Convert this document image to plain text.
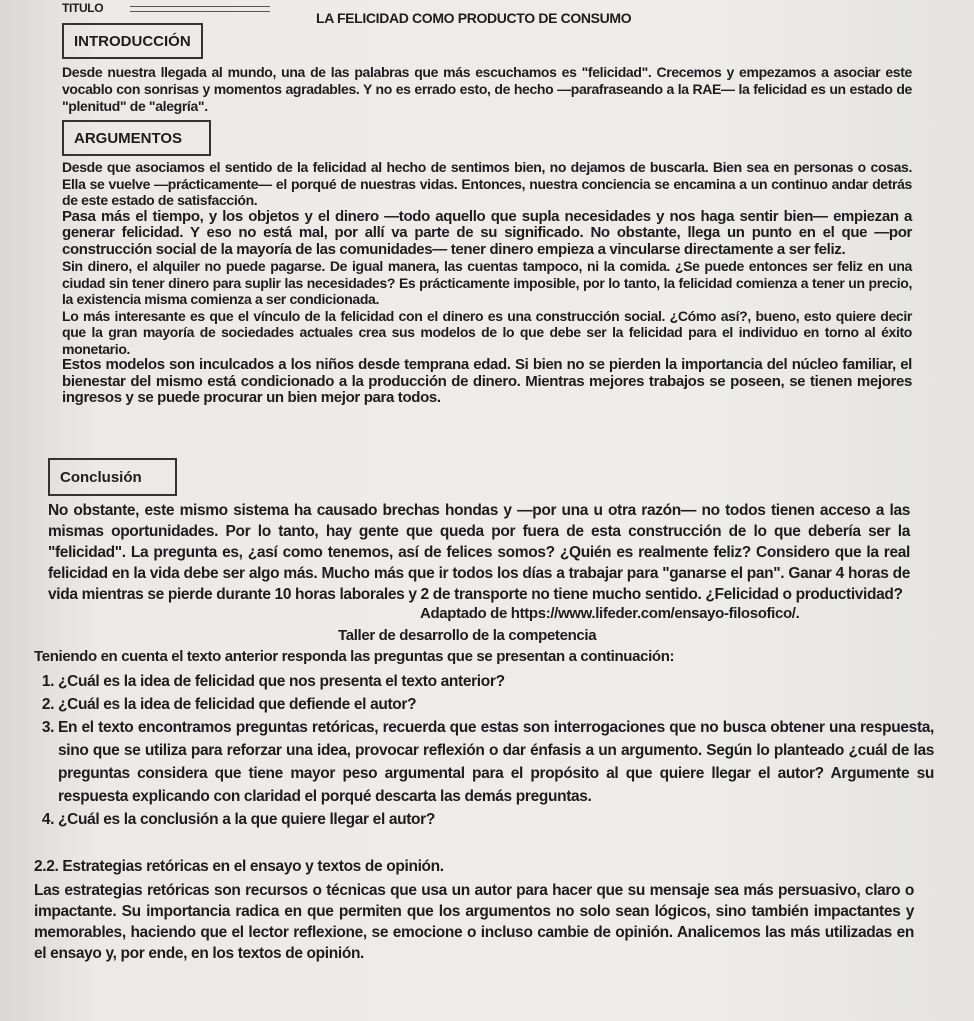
TITULO
LA FELICIDAD COMO PRODUCTO DE CONSUMO
INTRODUCCIÓN
Desde nuestra llegada al mundo, una de las palabras que más escuchamos es "felicidad". Crecemos y empezamos a asociar este vocablo con sonrisas y momentos agradables. Y no es errado esto, de hecho —parafraseando a la RAE— la felicidad es un estado de "plenitud" de "alegría".
ARGUMENTOS

Desde que asociamos el sentido de la felicidad al hecho de sentimos bien, no dejamos de buscarla. Bien sea en personas o cosas. Ella se vuelve —prácticamente— el porqué de nuestras vidas. Entonces, nuestra conciencia se encamina a un continuo andar detrás de este estado de satisfacción.

Pasa más el tiempo, y los objetos y el dinero —todo aquello que supla necesidades y nos haga sentir bien— empiezan a generar felicidad. Y eso no está mal, por allí va parte de su significado. No obstante, llega un punto en el que —por construcción social de la mayoría de las comunidades— tener dinero empieza a vincularse directamente a ser feliz.

Sin dinero, el alquiler no puede pagarse. De igual manera, las cuentas tampoco, ni la comida. ¿Se puede entonces ser feliz en una ciudad sin tener dinero para suplir las necesidades? Es prácticamente imposible, por lo tanto, la felicidad comienza a tener un precio, la existencia misma comienza a ser condicionada.

Lo más interesante es que el vínculo de la felicidad con el dinero es una construcción social. ¿Cómo así?, bueno, esto quiere decir que la gran mayoría de sociedades actuales crea sus modelos de lo que debe ser la felicidad para el individuo en torno al éxito monetario.

Estos modelos son inculcados a los niños desde temprana edad. Si bien no se pierden la importancia del núcleo familiar, el bienestar del mismo está condicionado a la producción de dinero. Mientras mejores trabajos se poseen, se tienen mejores ingresos y se puede procurar un bien mejor para todos.

Conclusión
No obstante, este mismo sistema ha causado brechas hondas y —por una u otra razón— no todos tienen acceso a las mismas oportunidades. Por lo tanto, hay gente que queda por fuera de esta construcción de lo que debería ser la "felicidad". La pregunta es, ¿así como tenemos, así de felices somos? ¿Quién es realmente feliz? Considero que la real felicidad en la vida debe ser algo más. Mucho más que ir todos los días a trabajar para "ganarse el pan". Ganar 4 horas de vida mientras se pierde durante 10 horas laborales y 2 de transporte no tiene mucho sentido. ¿Felicidad o productividad?
Adaptado de https://www.lifeder.com/ensayo-filosofico/.
Taller de desarrollo de la competencia
Teniendo en cuenta el texto anterior responda las preguntas que se presentan a continuación:
1. ¿Cuál es la idea de felicidad que nos presenta el texto anterior?
2. ¿Cuál es la idea de felicidad que defiende el autor?
3. En el texto encontramos preguntas retóricas, recuerda que estas son interrogaciones que no busca obtener una respuesta, sino que se utiliza para reforzar una idea, provocar reflexión o dar énfasis a un argumento. Según lo planteado ¿cuál de las preguntas considera que tiene mayor peso argumental para el propósito al que quiere llegar el autor? Argumente su respuesta explicando con claridad el porqué descarta las demás preguntas.
4. ¿Cuál es la conclusión a la que quiere llegar el autor?
2.2. Estrategias retóricas en el ensayo y textos de opinión.
Las estrategias retóricas son recursos o técnicas que usa un autor para hacer que su mensaje sea más persuasivo, claro o impactante. Su importancia radica en que permiten que los argumentos no solo sean lógicos, sino también impactantes y memorables, haciendo que el lector reflexione, se emocione o incluso cambie de opinión. Analicemos las más utilizadas en el ensayo y, por ende, en los textos de opinión.
